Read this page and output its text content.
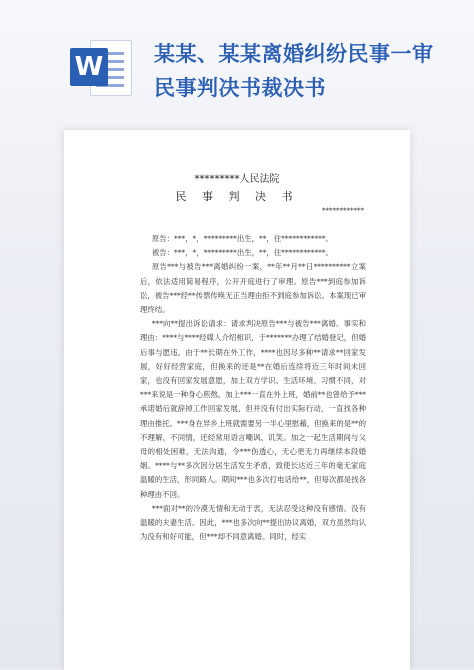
W 某某、某某离婚纠纷民事一审
民事判决书裁决书
*********人民法院
民 事 判 决 书
************

原告：***，*，*********出生，**，住************。

被告：***，*，*********出生，**，住************。

原告***与被告***离婚纠纷一案，**年**月**日**********立案后，依法适用简易程序，公开开庭进行了审理。原告***到庭参加诉讼，被告***经**传票传唤无正当理由拒不到庭参加诉讼。本案现已审理终结。

***向**提出诉讼请求：请求判决原告***与被告***离婚。事实和理由：****与****经媒人介绍相识，于*******办理了结婚登记，但婚后事与愿违。由于**长期在外工作，****也因尽多种**请求**回家发展，好好经营家庭，但换来的还是**在婚后连续将近三年时间未回家，也没有回家发展意愿，加上双方学识、生活环境、习惯不同，对***来说是一种身心煎熬。加上***一直在外上班，婚前**也曾给予***承诺婚后就辞掉工作回家发展，但并没有付出实际行动，一直找各种理由推托。***身在异乡上班就需要另一半心里慰藉，但换来的是**的不理解，不同情，还经常用语言嘲讽、讥笑。加之一起生活期间与父母的相处困难，无法沟通，令***伤透心，无心更无力再继续本段婚姻。****与**多次因分居生活发生矛盾，致使长达近三年的毫无家庭温暖的生活，形同路人。期间***也多次打电话给**，但每次都是找各种理由不回。

***面对**的冷漠无情和无动于衷，无法忍受这种没有感情、没有温暖的夫妻生活。因此，***也多次向**提出协议离婚，双方虽然均认为没有和好可能，但***却不同意离婚。同时，经实
